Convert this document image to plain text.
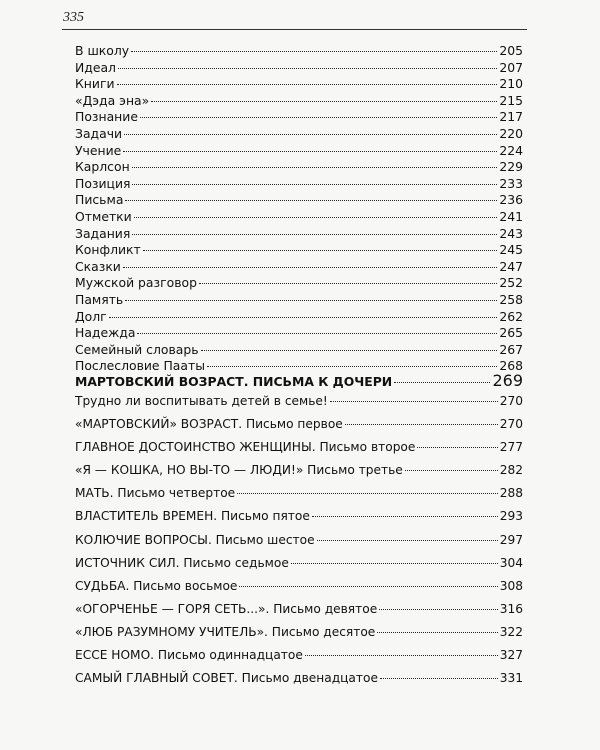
335
В школу	205
Идеал	207
Книги	210
«Дэда эна»	215
Познание	217
Задачи	220
Учение	224
Карлсон	229
Позиция	233
Письма	236
Отметки	241
Задания	243
Конфликт	245
Сказки	247
Мужской разговор	252
Память	258
Долг	262
Надежда	265
Семейный словарь	267
Послесловие Пааты	268
МАРТОВСКИЙ ВОЗРАСТ. ПИСЬМА К ДОЧЕРИ	269
Трудно ли воспитывать детей в семье!	270
«МАРТОВСКИЙ» ВОЗРАСТ. Письмо первое	270
ГЛАВНОЕ ДОСТОИНСТВО ЖЕНЩИНЫ. Письмо второе	277
«Я — КОШКА, НО ВЫ-ТО — ЛЮДИ!» Письмо третье	282
МАТЬ. Письмо четвертое	288
ВЛАСТИТЕЛЬ ВРЕМЕН. Письмо пятое	293
КОЛЮЧИЕ ВОПРОСЫ. Письмо шестое	297
ИСТОЧНИК СИЛ. Письмо седьмое	304
СУДЬБА. Письмо восьмое	308
«ОГОРЧЕНЬЕ — ГОРЯ СЕТЬ...». Письмо девятое	316
«ЛЮБ РАЗУМНОМУ УЧИТЕЛЬ». Письмо десятое	322
ЕССЕ НОМО. Письмо одиннадцатое	327
САМЫЙ ГЛАВНЫЙ СОВЕТ. Письмо двенадцатое	331
